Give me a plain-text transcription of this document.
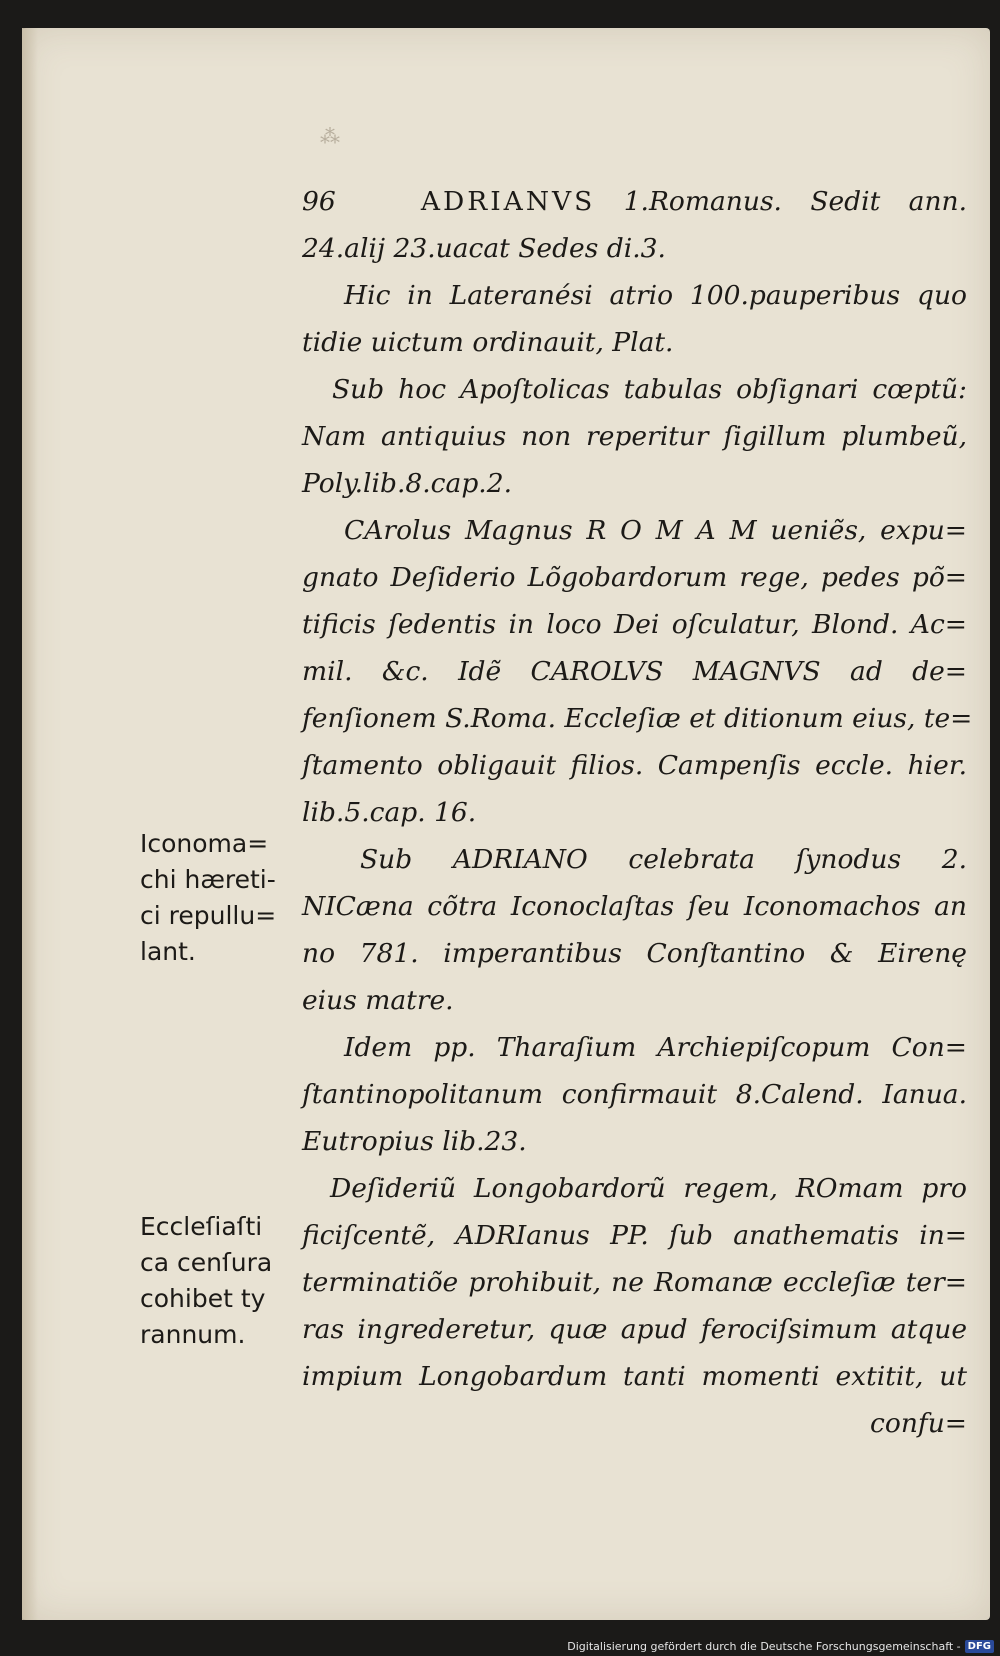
⁂
96	ADRIANVS 1.Romanus. Sedit ann.
24.alij 23.uacat Sedes di.3.
Hic in Lateranési atrio 100.pauperibus quo
tidie uictum ordinauit, Plat.
Sub hoc Apoſtolicas tabulas obſignari cœptũ:
Nam antiquius non reperitur ſigillum plumbeũ,
Poly.lib.8.cap.2.
CArolus Magnus R O M A M ueniẽs, expu=
gnato Deſiderio Lõgobardorum rege, pedes põ=
tificis ſedentis in loco Dei oſculatur, Blond. Ac=
mil. &c. Idẽ CAROLVS MAGNVS ad de=
fenſionem S.Roma. Eccleſiæ et ditionum eius, te=
ſtamento obligauit filios. Campenſis eccle. hier.
lib.5.cap. 16.
Sub ADRIANO celebrata ſynodus 2.
NICæna cõtra Iconoclaſtas ſeu Iconomachos an
no 781. imperantibus Conſtantino & Eirenę
eius matre.
Idem pp. Tharaſium Archiepiſcopum Con=
ſtantinopolitanum confirmauit 8.Calend. Ianua.
Eutropius lib.23.
Deſideriũ Longobardorũ regem, ROmam pro
ficiſcentẽ, ADRIanus PP. ſub anathematis in=
terminatiõe prohibuit, ne Romanæ eccleſiæ ter=
ras ingrederetur, quæ apud ferociſsimum atque
impium Longobardum tanti momenti extitit, ut
confu=
Iconoma=
chi hæreti-
ci repullu=
lant.
Eccleſiaſti
ca cenſura
cohibet ty
rannum.
Digitalisierung gefördert durch die Deutsche Forschungsgemeinschaft - DFG
